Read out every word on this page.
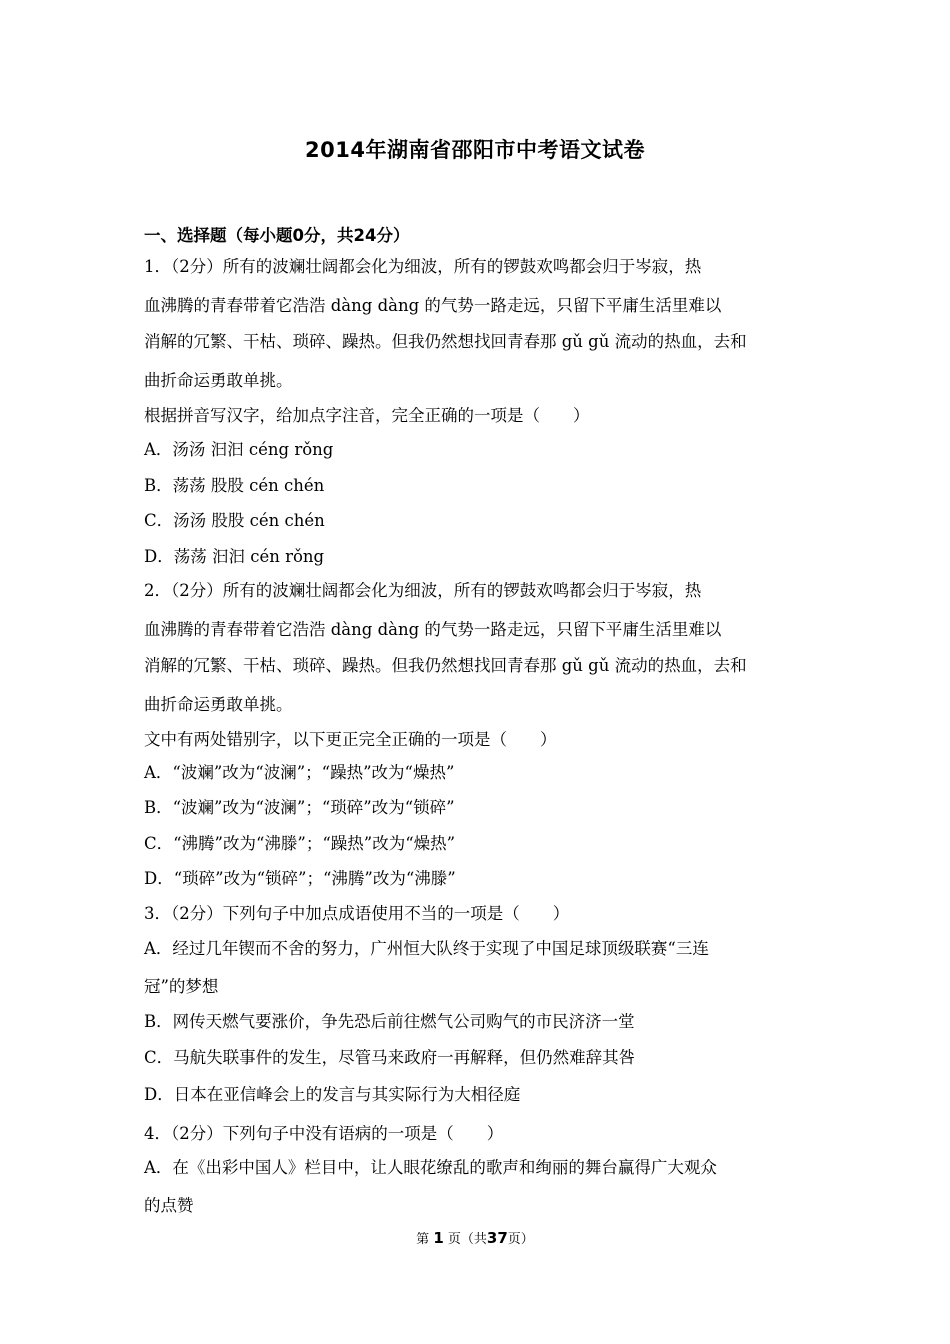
2014年湖南省邵阳市中考语文试卷
一、选择题（每小题0分，共24分）
1．（2分）所有的波斓壮阔都会化为细波，所有的锣鼓欢鸣都会归于岑寂，热
血沸腾的青春带着它浩浩 dàng dàng 的气势一路走远，只留下平庸生活里难以
消解的冗繁、干枯、琐碎、躁热。但我仍然想找回青春那 gǔ gǔ 流动的热血，去和
曲折命运勇敢单挑。
根据拼音写汉字，给加点字注音，完全正确的一项是（　　）
A．汤汤 汩汩 céng rǒng
B．荡荡 股股 cén chén
C．汤汤 股股 cén chén
D．荡荡 汩汩 cén rǒng
2．（2分）所有的波斓壮阔都会化为细波，所有的锣鼓欢鸣都会归于岑寂，热
血沸腾的青春带着它浩浩 dàng dàng 的气势一路走远，只留下平庸生活里难以
消解的冗繁、干枯、琐碎、躁热。但我仍然想找回青春那 gǔ gǔ 流动的热血，去和
曲折命运勇敢单挑。
文中有两处错别字，以下更正完全正确的一项是（　　）
A．“波斓”改为“波澜”；“躁热”改为“燥热”
B．“波斓”改为“波澜”；“琐碎”改为“锁碎”
C．“沸腾”改为“沸滕”；“躁热”改为“燥热”
D．“琐碎”改为“锁碎”；“沸腾”改为“沸滕”
3．（2分）下列句子中加点成语使用不当的一项是（　　）
A．经过几年锲而不舍的努力，广州恒大队终于实现了中国足球顶级联赛“三连
冠”的梦想
B．网传天燃气要涨价，争先恐后前往燃气公司购气的市民济济一堂
C．马航失联事件的发生，尽管马来政府一再解释，但仍然难辞其咎
D．日本在亚信峰会上的发言与其实际行为大相径庭
4．（2分）下列句子中没有语病的一项是（　　）
A．在《出彩中国人》栏目中，让人眼花缭乱的歌声和绚丽的舞台赢得广大观众
的点赞
第 1 页（共37页）
